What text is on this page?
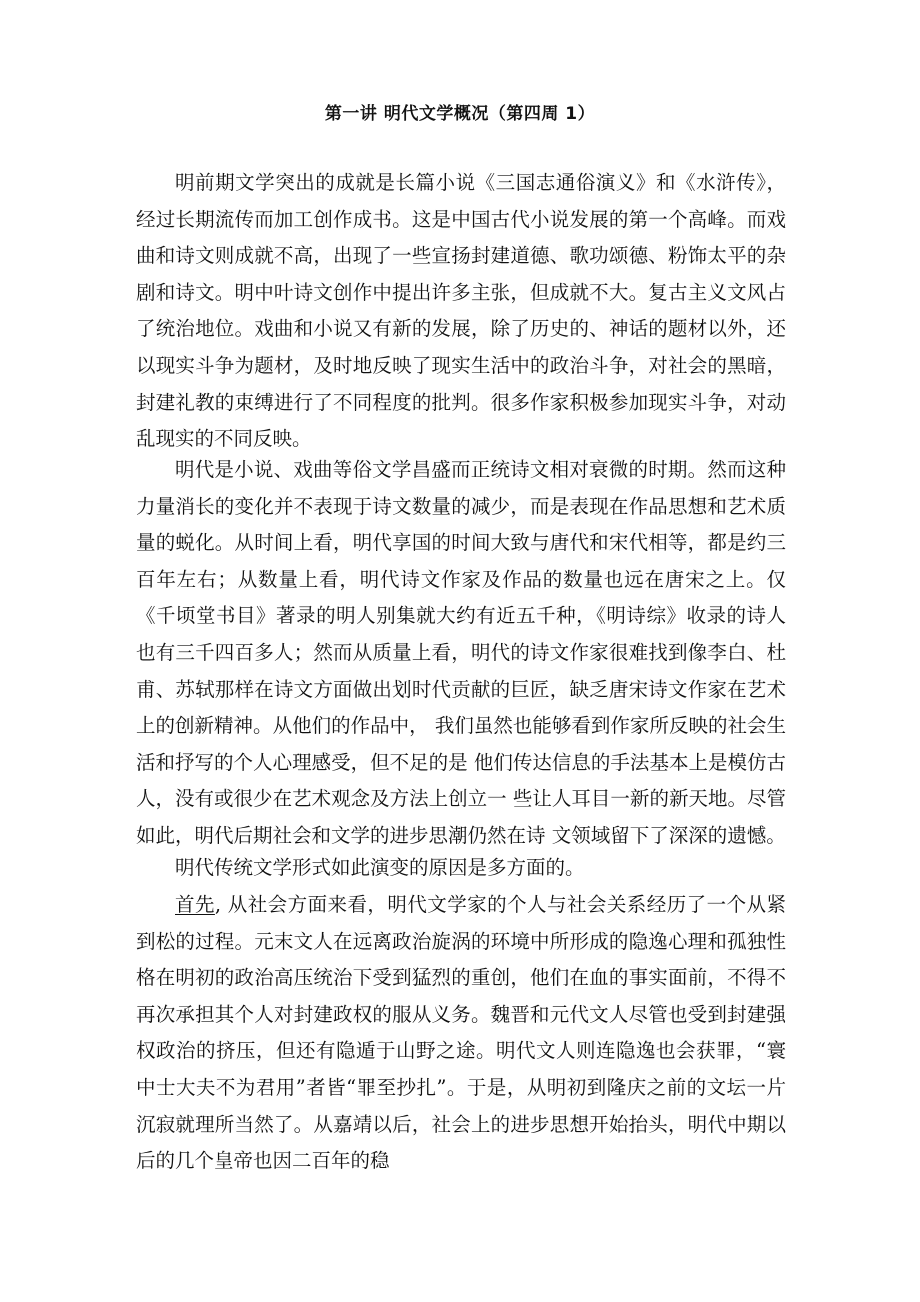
第一讲 明代文学概况（第四周 1）

明前期文学突出的成就是长篇小说《三国志通俗演义》和《水浒传》，经过长期流传而加工创作成书。这是中国古代小说发展的第一个高峰。而戏曲和诗文则成就不高，出现了一些宣扬封建道德、歌功颂德、粉饰太平的杂剧和诗文。明中叶诗文创作中提出许多主张，但成就不大。复古主义文风占了统治地位。戏曲和小说又有新的发展，除了历史的、神话的题材以外，还以现实斗争为题材，及时地反映了现实生活中的政治斗争，对社会的黑暗，封建礼教的束缚进行了不同程度的批判。很多作家积极参加现实斗争，对动乱现实的不同反映。

明代是小说、戏曲等俗文学昌盛而正统诗文相对衰微的时期。然而这种力量消长的变化并不表现于诗文数量的减少，而是表现在作品思想和艺术质量的蜕化。从时间上看，明代享国的时间大致与唐代和宋代相等，都是约三百年左右；从数量上看，明代诗文作家及作品的数量也远在唐宋之上。仅《千顷堂书目》著录的明人别集就大约有近五千种，《明诗综》收录的诗人也有三千四百多人；然而从质量上看，明代的诗文作家很难找到像李白、杜甫、苏轼那样在诗文方面做出划时代贡献的巨匠，缺乏唐宋诗文作家在艺术上的创新精神。从他们的作品中， 我们虽然也能够看到作家所反映的社会生活和抒写的个人心理感受，但不足的是 他们传达信息的手法基本上是模仿古人，没有或很少在艺术观念及方法上创立一 些让人耳目一新的新天地。尽管如此，明代后期社会和文学的进步思潮仍然在诗 文领域留下了深深的遗憾。

明代传统文学形式如此演变的原因是多方面的。

首先, 从社会方面来看，明代文学家的个人与社会关系经历了一个从紧到松的过程。元末文人在远离政治旋涡的环境中所形成的隐逸心理和孤独性格在明初的政治高压统治下受到猛烈的重创，他们在血的事实面前，不得不再次承担其个人对封建政权的服从义务。魏晋和元代文人尽管也受到封建强权政治的挤压，但还有隐遁于山野之途。明代文人则连隐逸也会获罪，“寰中士大夫不为君用”者皆“罪至抄扎”。于是，从明初到隆庆之前的文坛一片沉寂就理所当然了。从嘉靖以后，社会上的进步思想开始抬头，明代中期以后的几个皇帝也因二百年的稳
